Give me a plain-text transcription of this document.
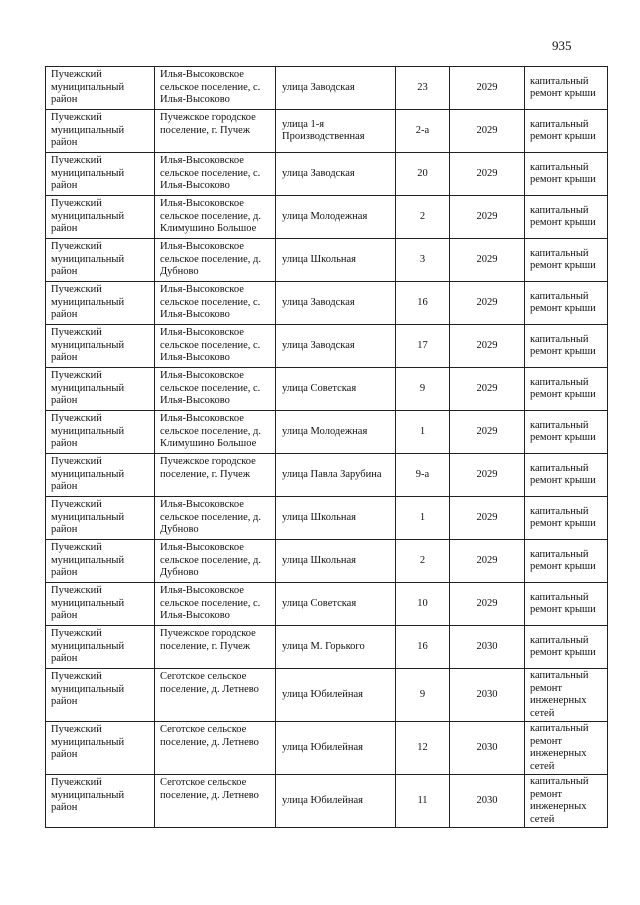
935
Пучежский муниципальный район	Илья-Высоковское сельское поселение, с. Илья-Высоково	улица Заводская	23	2029	капитальный ремонт крыши
Пучежский муниципальный район	Пучежское городское поселение, г. Пучеж	улица 1-я Производственная	2-а	2029	капитальный ремонт крыши
Пучежский муниципальный район	Илья-Высоковское сельское поселение, с. Илья-Высоково	улица Заводская	20	2029	капитальный ремонт крыши
Пучежский муниципальный район	Илья-Высоковское сельское поселение, д. Климушино Большое	улица Молодежная	2	2029	капитальный ремонт крыши
Пучежский муниципальный район	Илья-Высоковское сельское поселение, д. Дубново	улица Школьная	3	2029	капитальный ремонт крыши
Пучежский муниципальный район	Илья-Высоковское сельское поселение, с. Илья-Высоково	улица Заводская	16	2029	капитальный ремонт крыши
Пучежский муниципальный район	Илья-Высоковское сельское поселение, с. Илья-Высоково	улица Заводская	17	2029	капитальный ремонт крыши
Пучежский муниципальный район	Илья-Высоковское сельское поселение, с. Илья-Высоково	улица Советская	9	2029	капитальный ремонт крыши
Пучежский муниципальный район	Илья-Высоковское сельское поселение, д. Климушино Большое	улица Молодежная	1	2029	капитальный ремонт крыши
Пучежский муниципальный район	Пучежское городское поселение, г. Пучеж	улица Павла Зарубина	9-а	2029	капитальный ремонт крыши
Пучежский муниципальный район	Илья-Высоковское сельское поселение, д. Дубново	улица Школьная	1	2029	капитальный ремонт крыши
Пучежский муниципальный район	Илья-Высоковское сельское поселение, д. Дубново	улица Школьная	2	2029	капитальный ремонт крыши
Пучежский муниципальный район	Илья-Высоковское сельское поселение, с. Илья-Высоково	улица Советская	10	2029	капитальный ремонт крыши
Пучежский муниципальный район	Пучежское городское поселение, г. Пучеж	улица М. Горького	16	2030	капитальный ремонт крыши
Пучежский муниципальный район	Сеготское сельское поселение, д. Летнево	улица Юбилейная	9	2030	капитальный ремонт инженерных сетей
Пучежский муниципальный район	Сеготское сельское поселение, д. Летнево	улица Юбилейная	12	2030	капитальный ремонт инженерных сетей
Пучежский муниципальный район	Сеготское сельское поселение, д. Летнево	улица Юбилейная	11	2030	капитальный ремонт инженерных сетей
